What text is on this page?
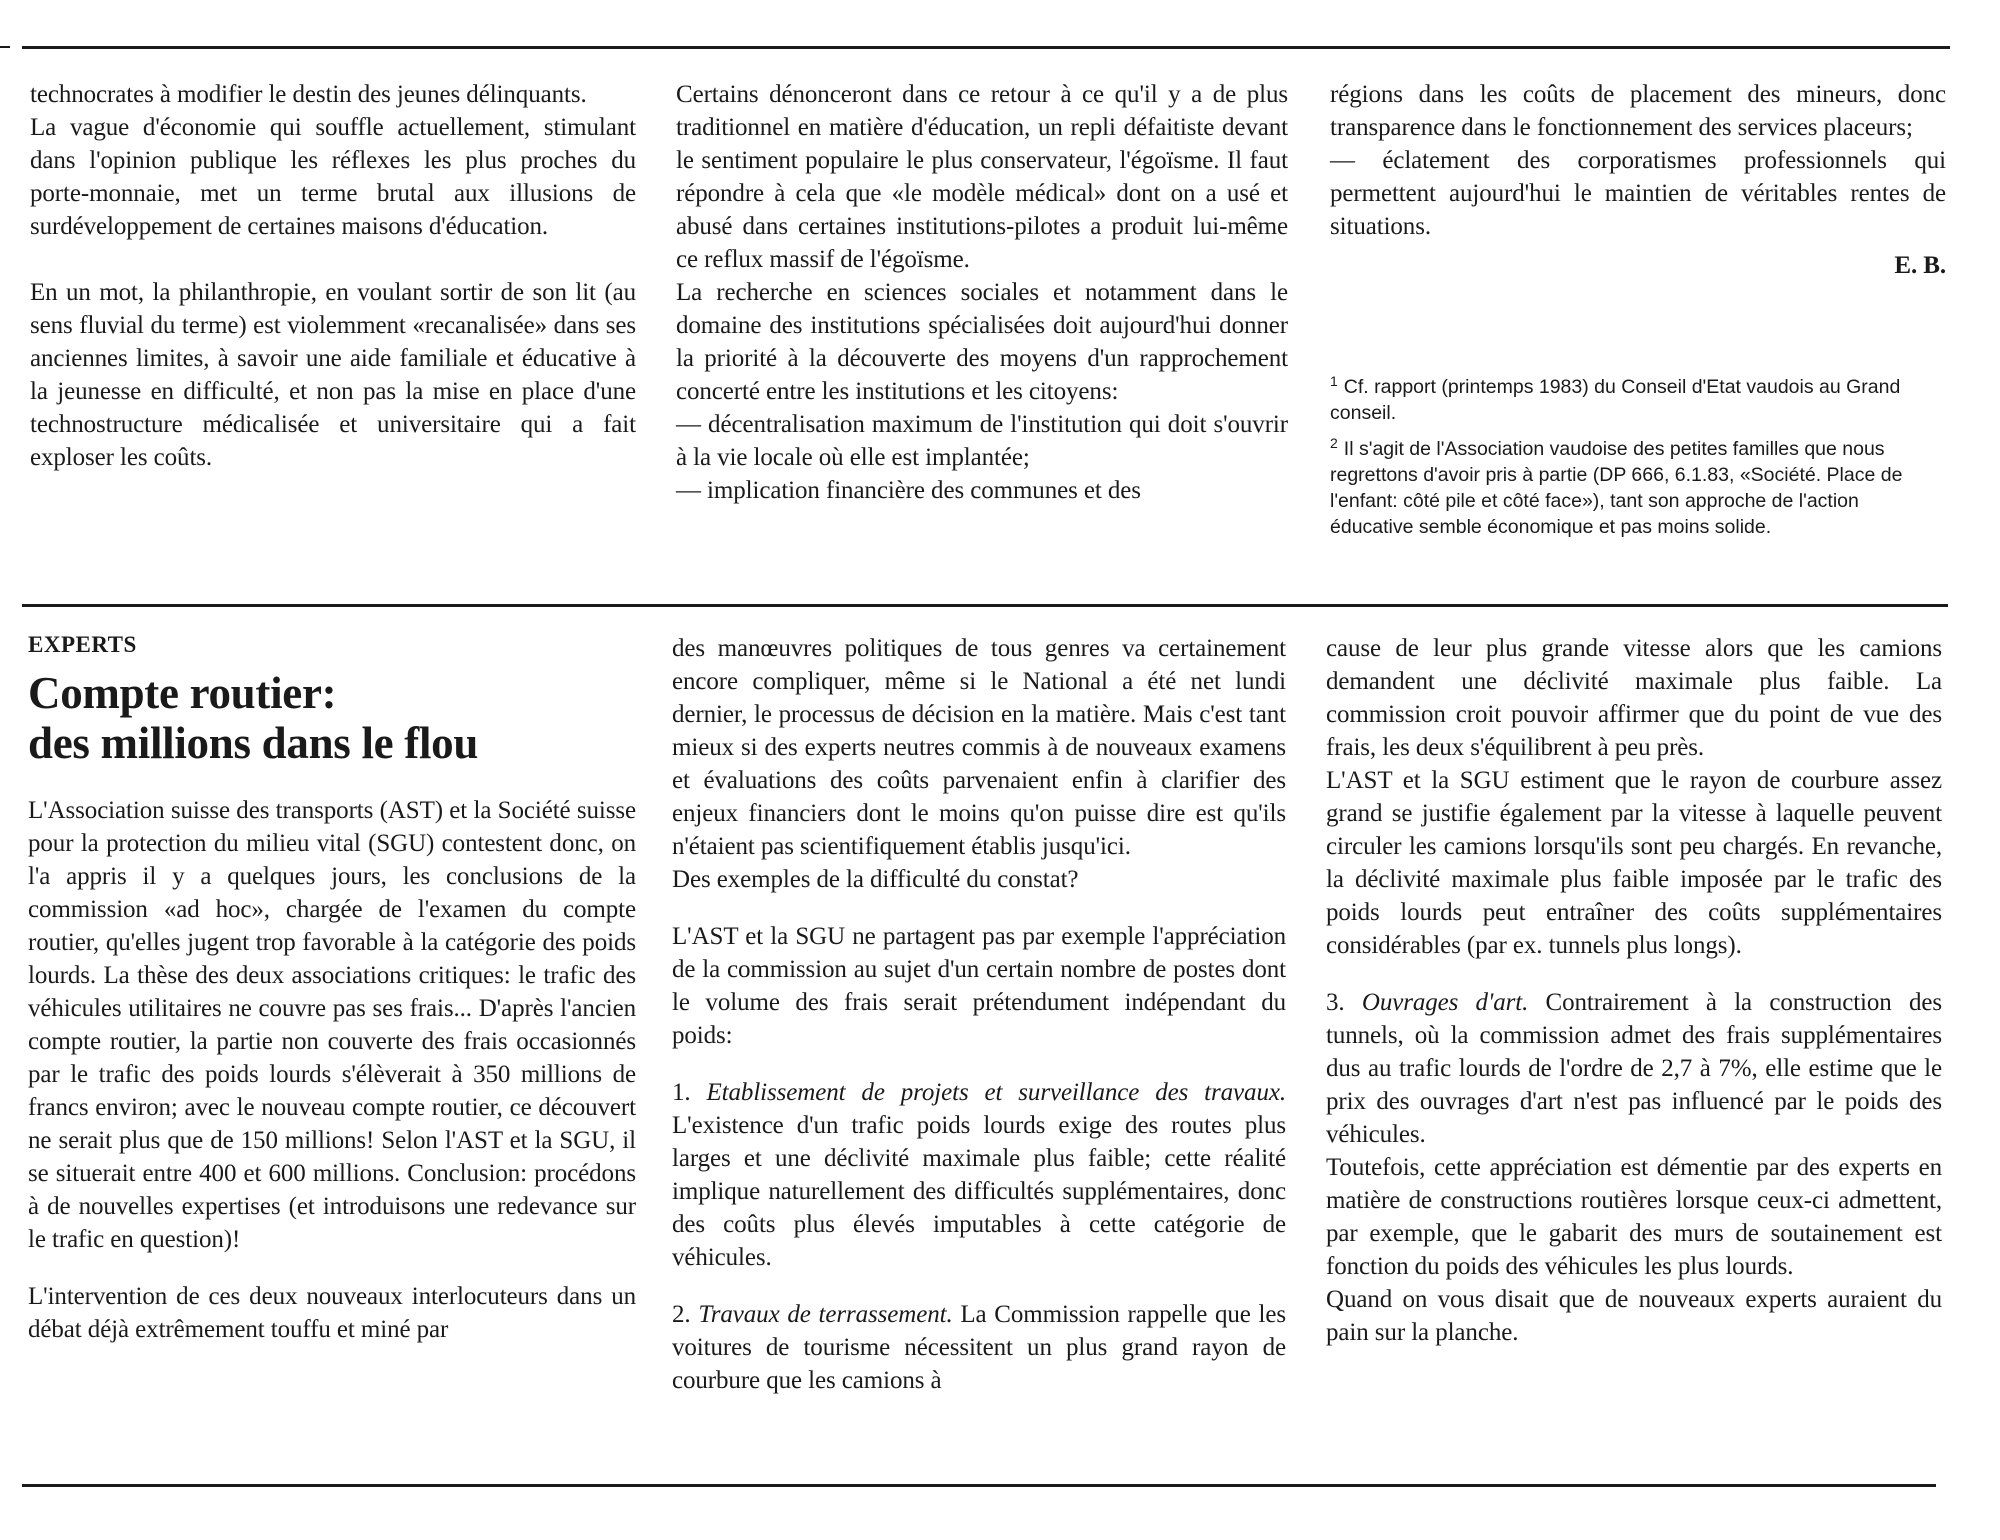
technocrates à modifier le destin des jeunes délinquants.

La vague d'économie qui souffle actuellement, stimulant dans l'opinion publique les réflexes les plus proches du porte-monnaie, met un terme brutal aux illusions de surdéveloppement de certaines maisons d'éducation.

En un mot, la philanthropie, en voulant sortir de son lit (au sens fluvial du terme) est violemment «recanalisée» dans ses anciennes limites, à savoir une aide familiale et éducative à la jeunesse en difficulté, et non pas la mise en place d'une technostructure médicalisée et universitaire qui a fait exploser les coûts.

Certains dénonceront dans ce retour à ce qu'il y a de plus traditionnel en matière d'éducation, un repli défaitiste devant le sentiment populaire le plus conservateur, l'égoïsme. Il faut répondre à cela que «le modèle médical» dont on a usé et abusé dans certaines institutions-pilotes a produit lui-même ce reflux massif de l'égoïsme.

La recherche en sciences sociales et notamment dans le domaine des institutions spécialisées doit aujourd'hui donner la priorité à la découverte des moyens d'un rapprochement concerté entre les institutions et les citoyens:

— décentralisation maximum de l'institution qui doit s'ouvrir à la vie locale où elle est implantée;

— implication financière des communes et des

régions dans les coûts de placement des mineurs, donc transparence dans le fonctionnement des services placeurs;

— éclatement des corporatismes professionnels qui permettent aujourd'hui le maintien de véritables rentes de situations.

E. B.

$^1$ Cf. rapport (printemps 1983) du Conseil d'Etat vaudois au Grand conseil.

$^2$ Il s'agit de l'Association vaudoise des petites familles que nous regrettons d'avoir pris à partie (DP 666, 6.1.83, «Société. Place de l'enfant: côté pile et côté face»), tant son approche de l'action éducative semble économique et pas moins solide.

EXPERTS

Compte routier:
des millions dans le flou

L'Association suisse des transports (AST) et la Société suisse pour la protection du milieu vital (SGU) contestent donc, on l'a appris il y a quelques jours, les conclusions de la commission «ad hoc», chargée de l'examen du compte routier, qu'elles jugent trop favorable à la catégorie des poids lourds. La thèse des deux associations critiques: le trafic des véhicules utilitaires ne couvre pas ses frais... D'après l'ancien compte routier, la partie non couverte des frais occasionnés par le trafic des poids lourds s'élèverait à 350 millions de francs environ; avec le nouveau compte routier, ce découvert ne serait plus que de 150 millions! Selon l'AST et la SGU, il se situerait entre 400 et 600 millions. Conclusion: procédons à de nouvelles expertises (et introduisons une redevance sur le trafic en question)!

L'intervention de ces deux nouveaux interlocuteurs dans un débat déjà extrêmement touffu et miné par

des manœuvres politiques de tous genres va certainement encore compliquer, même si le National a été net lundi dernier, le processus de décision en la matière. Mais c'est tant mieux si des experts neutres commis à de nouveaux examens et évaluations des coûts parvenaient enfin à clarifier des enjeux financiers dont le moins qu'on puisse dire est qu'ils n'étaient pas scientifiquement établis jusqu'ici.

Des exemples de la difficulté du constat?

L'AST et la SGU ne partagent pas par exemple l'appréciation de la commission au sujet d'un certain nombre de postes dont le volume des frais serait prétendument indépendant du poids:

1. Etablissement de projets et surveillance des travaux. L'existence d'un trafic poids lourds exige des routes plus larges et une déclivité maximale plus faible; cette réalité implique naturellement des difficultés supplémentaires, donc des coûts plus élevés imputables à cette catégorie de véhicules.

2. Travaux de terrassement. La Commission rappelle que les voitures de tourisme nécessitent un plus grand rayon de courbure que les camions à

cause de leur plus grande vitesse alors que les camions demandent une déclivité maximale plus faible. La commission croit pouvoir affirmer que du point de vue des frais, les deux s'équilibrent à peu près.

L'AST et la SGU estiment que le rayon de courbure assez grand se justifie également par la vitesse à laquelle peuvent circuler les camions lorsqu'ils sont peu chargés. En revanche, la déclivité maximale plus faible imposée par le trafic des poids lourds peut entraîner des coûts supplémentaires considérables (par ex. tunnels plus longs).

3. Ouvrages d'art. Contrairement à la construction des tunnels, où la commission admet des frais supplémentaires dus au trafic lourds de l'ordre de 2,7 à 7%, elle estime que le prix des ouvrages d'art n'est pas influencé par le poids des véhicules.

Toutefois, cette appréciation est démentie par des experts en matière de constructions routières lorsque ceux-ci admettent, par exemple, que le gabarit des murs de soutainement est fonction du poids des véhicules les plus lourds.

Quand on vous disait que de nouveaux experts auraient du pain sur la planche.
